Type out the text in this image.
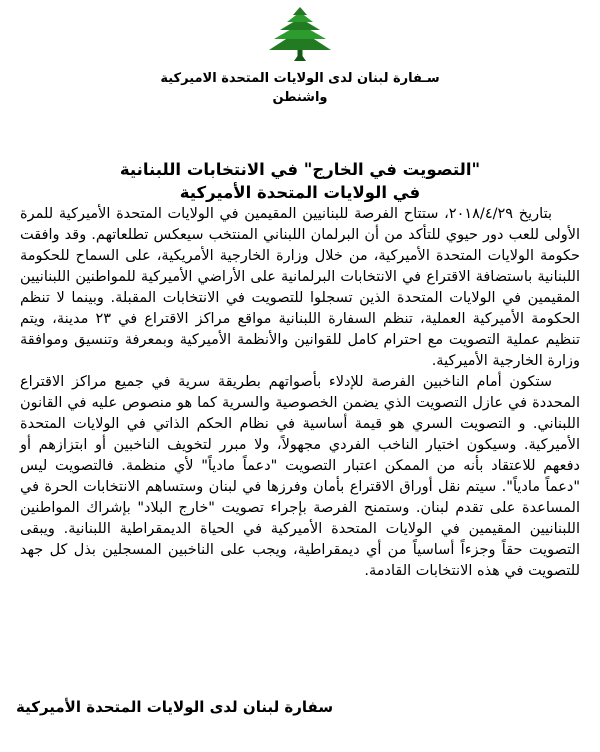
سـفارة لبنان لدى الولايات المتحدة الاميركية
واشنطن
"التصويت في الخارج" في الانتخابات اللبنانية
في الولايات المتحدة الأميركية

بتاريخ ٢٠١٨/٤/٢٩، ستتاح الفرصة للبنانيين المقيمين في الولايات المتحدة الأميركية للمرة الأولى للعب دور حيوي للتأكد من أن البرلمان اللبناني المنتخب سيعكس تطلعاتهم. وقد وافقت حكومة الولايات المتحدة الأميركية، من خلال وزارة الخارجية الأمريكية، على السماح للحكومة اللبنانية باستضافة الاقتراع في الانتخابات البرلمانية على الأراضي الأميركية للمواطنين اللبنانيين المقيمين في الولايات المتحدة الذين تسجلوا للتصويت في الانتخابات المقبلة. وبينما لا تنظم الحكومة الأميركية العملية، تنظم السفارة اللبنانية مواقع مراكز الاقتراع في ٢٣ مدينة، ويتم تنظيم عملية التصويت مع احترام كامل للقوانين والأنظمة الأميركية وبمعرفة وتنسيق وموافقة وزارة الخارجية الأميركية.

ستكون أمام الناخبين الفرصة للإدلاء بأصواتهم بطريقة سرية في جميع مراكز الاقتراع المحددة في عازل التصويت الذي يضمن الخصوصية والسرية كما هو منصوص عليه في القانون اللبناني. و التصويت السري هو قيمة أساسية في نظام الحكم الذاتي في الولايات المتحدة الأميركية. وسيكون اختيار الناخب الفردي مجهولاً، ولا مبرر لتخويف الناخبين أو ابتزازهم أو دفعهم للاعتقاد بأنه من الممكن اعتبار التصويت "دعماً مادياً" لأي منظمة. فالتصويت ليس "دعماً مادياً". سيتم نقل أوراق الاقتراع بأمان وفرزها في لبنان وستساهم الانتخابات الحرة في المساعدة على تقدم لبنان. وستمنح الفرصة بإجراء تصويت "خارج البلاد" بإشراك المواطنين اللبنانيين المقيمين في الولايات المتحدة الأميركية في الحياة الديمقراطية اللبنانية. ويبقى التصويت حقاً وجزءاً أساسياً من أي ديمقراطية، ويجب على الناخبين المسجلين بذل كل جهد للتصويت في هذه الانتخابات القادمة.

سفارة لبنان لدى الولايات المتحدة الأميركية
